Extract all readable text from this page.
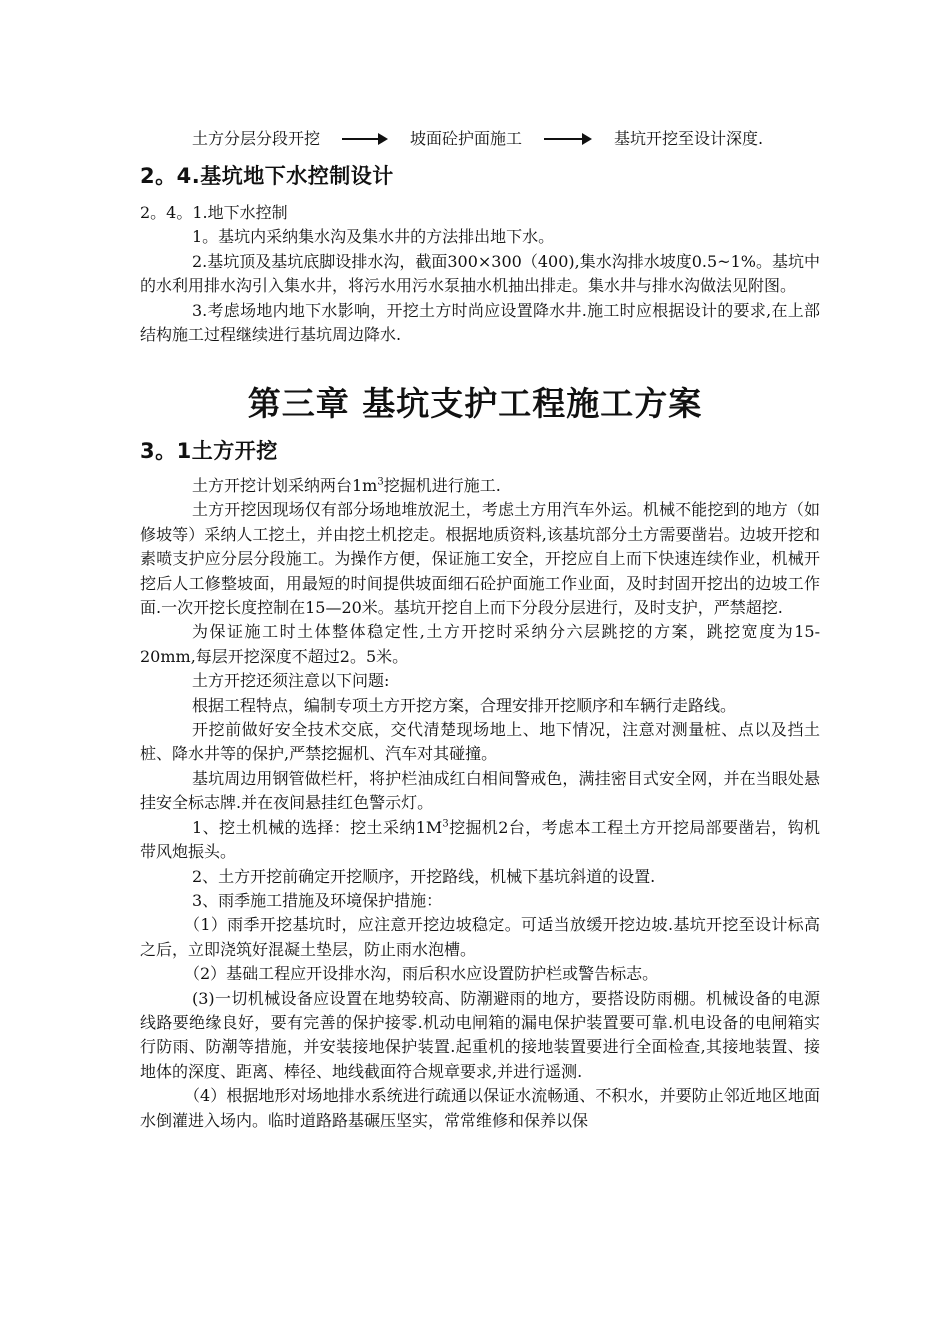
土方分层分段开挖	坡面砼护面施工	基坑开挖至设计深度.
2。4.基坑地下水控制设计

2。4。1.地下水控制

1。基坑内采纳集水沟及集水井的方法排出地下水。

2.基坑顶及基坑底脚设排水沟，截面300×300（400),集水沟排水坡度0.5~1%。基坑中的水利用排水沟引入集水井，将污水用污水泵抽水机抽出排走。集水井与排水沟做法见附图。

3.考虑场地内地下水影响，开挖土方时尚应设置降水井.施工时应根据设计的要求,在上部结构施工过程继续进行基坑周边降水.

第三章 基坑支护工程施工方案
3。1土方开挖

土方开挖计划采纳两台$1m^3$挖掘机进行施工.

土方开挖因现场仅有部分场地堆放泥土，考虑土方用汽车外运。机械不能挖到的地方（如修坡等）采纳人工挖土，并由挖土机挖走。根据地质资料,该基坑部分土方需要凿岩。边坡开挖和素喷支护应分层分段施工。为操作方便，保证施工安全，开挖应自上而下快速连续作业，机械开挖后人工修整坡面，用最短的时间提供坡面细石砼护面施工作业面，及时封固开挖出的边坡工作面.一次开挖长度控制在15—20米。基坑开挖自上而下分段分层进行，及时支护，严禁超挖.

为保证施工时土体整体稳定性,土方开挖时采纳分六层跳挖的方案，跳挖宽度为15-20mm,每层开挖深度不超过2。5米。

土方开挖还须注意以下问题:

根据工程特点，编制专项土方开挖方案，合理安排开挖顺序和车辆行走路线。

开挖前做好安全技术交底，交代清楚现场地上、地下情况，注意对测量桩、点以及挡土桩、降水井等的保护,严禁挖掘机、汽车对其碰撞。

基坑周边用钢管做栏杆，将护栏油成红白相间警戒色，满挂密目式安全网，并在当眼处悬挂安全标志牌.并在夜间悬挂红色警示灯。

1、挖土机械的选择：挖土采纳$1M^3$挖掘机2台，考虑本工程土方开挖局部要凿岩，钩机带风炮振头。

2、土方开挖前确定开挖顺序，开挖路线，机械下基坑斜道的设置.

3、雨季施工措施及环境保护措施：

（1）雨季开挖基坑时，应注意开挖边坡稳定。可适当放缓开挖边坡.基坑开挖至设计标高之后，立即浇筑好混凝土垫层，防止雨水泡槽。

（2）基础工程应开设排水沟，雨后积水应设置防护栏或警告标志。

(3)一切机械设备应设置在地势较高、防潮避雨的地方，要搭设防雨棚。机械设备的电源线路要绝缘良好，要有完善的保护接零.机动电闸箱的漏电保护装置要可靠.机电设备的电闸箱实行防雨、防潮等措施，并安装接地保护装置.起重机的接地装置要进行全面检查,其接地装置、接地体的深度、距离、棒径、地线截面符合规章要求,并进行遥测.

（4）根据地形对场地排水系统进行疏通以保证水流畅通、不积水，并要防止邻近地区地面水倒灌进入场内。临时道路路基碾压坚实，常常维修和保养以保
